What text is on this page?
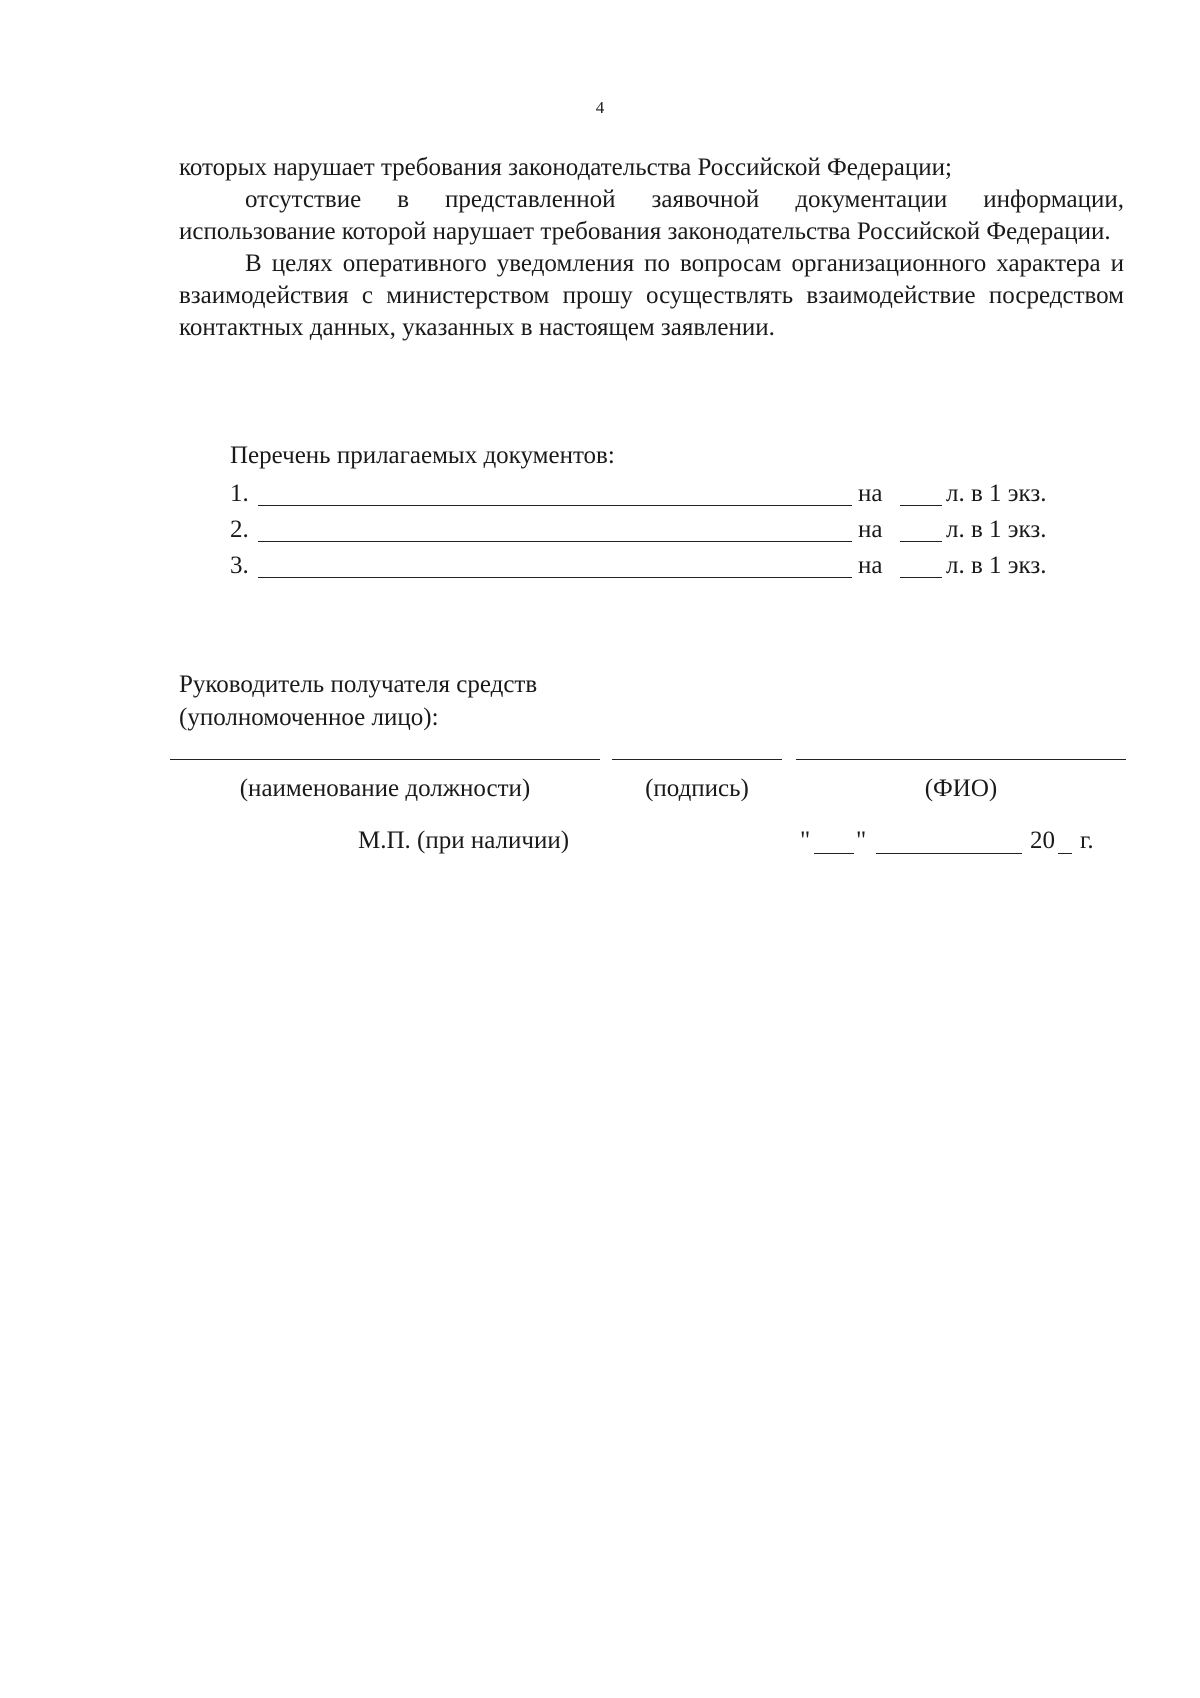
4

которых нарушает требования законодательства Российской Федерации;

отсутствие в представленной заявочной документации информации, использование которой нарушает требования законодательства Российской Федерации.

В целях оперативного уведомления по вопросам организационного характера и взаимодействия с министерством прошу осуществлять взаимодействие посредством контактных данных, указанных в настоящем заявлении.

Перечень прилагаемых документов:
1.	на	л. в 1 экз.
2.	на	л. в 1 экз.
3.	на	л. в 1 экз.
Руководитель получателя средств
(уполномоченное лицо):
(наименование должности)	(подпись)	(ФИО)
М.П. (при наличии)	" "	20 г.
